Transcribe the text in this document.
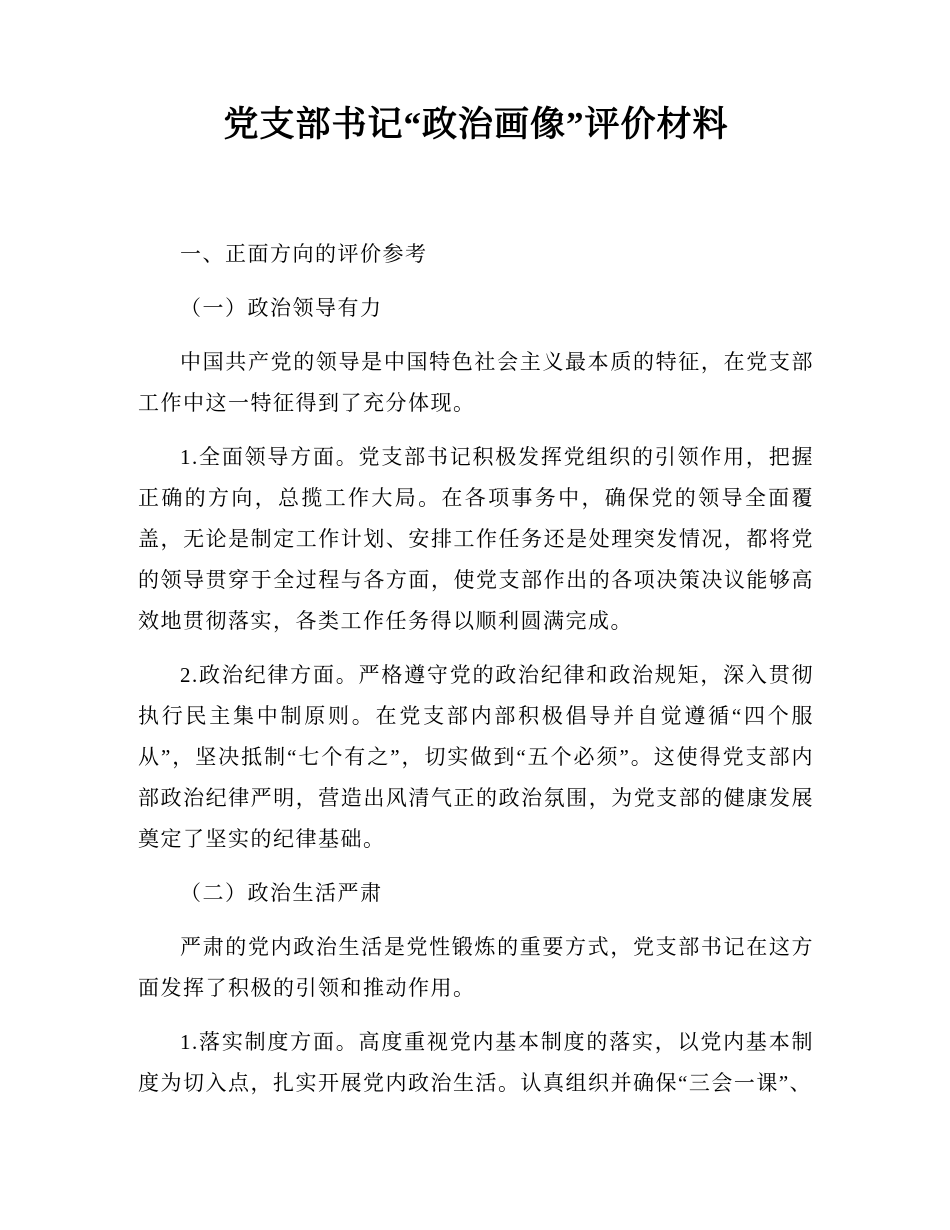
党支部书记“政治画像”评价材料
一、正面方向的评价参考
（一）政治领导有力
中国共产党的领导是中国特色社会主义最本质的特征，在党支部工作中这一特征得到了充分体现。
1.全面领导方面。党支部书记积极发挥党组织的引领作用，把握正确的方向，总揽工作大局。在各项事务中，确保党的领导全面覆盖，无论是制定工作计划、安排工作任务还是处理突发情况，都将党的领导贯穿于全过程与各方面，使党支部作出的各项决策决议能够高效地贯彻落实，各类工作任务得以顺利圆满完成。
2.政治纪律方面。严格遵守党的政治纪律和政治规矩，深入贯彻执行民主集中制原则。在党支部内部积极倡导并自觉遵循“四个服从”，坚决抵制“七个有之”，切实做到“五个必须”。这使得党支部内部政治纪律严明，营造出风清气正的政治氛围，为党支部的健康发展奠定了坚实的纪律基础。
（二）政治生活严肃
严肃的党内政治生活是党性锻炼的重要方式，党支部书记在这方面发挥了积极的引领和推动作用。
1.落实制度方面。高度重视党内基本制度的落实，以党内基本制度为切入点，扎实开展党内政治生活。认真组织并确保“三会一课”、
